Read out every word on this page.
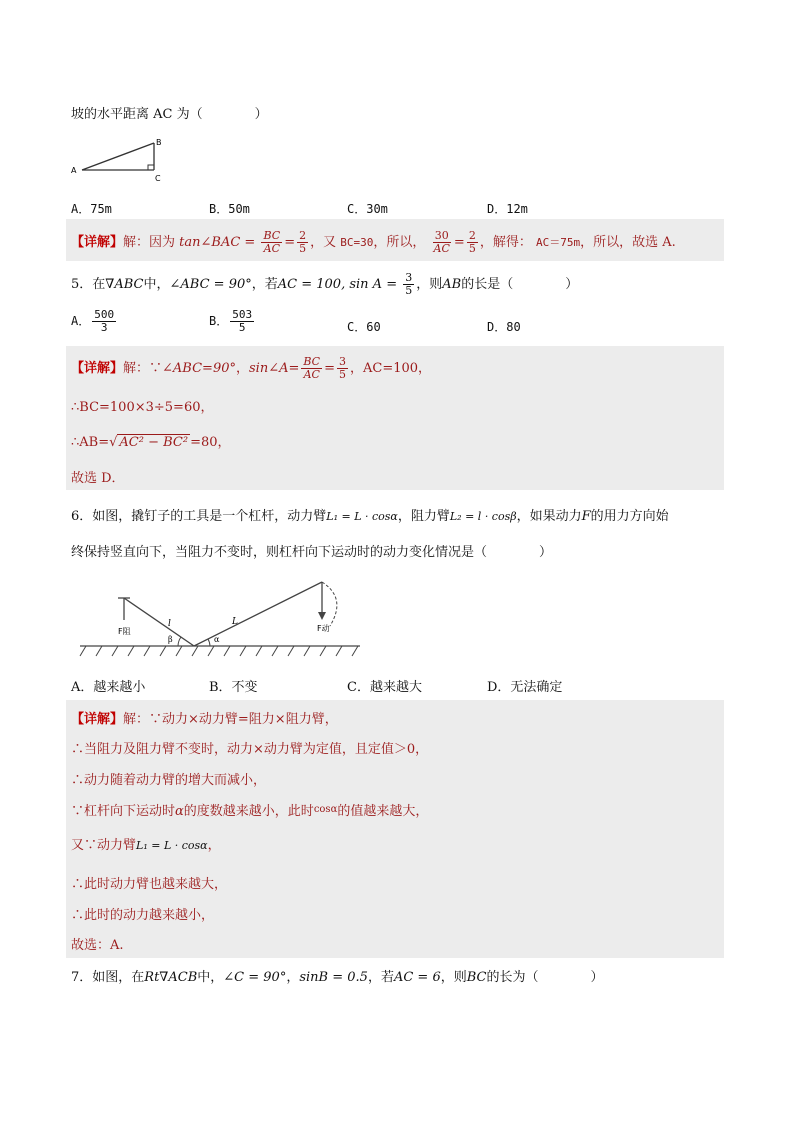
坡的水平距离 AC 为（　　　　）
A
B
C
A．75m	B．50m	C．30m	D．12m
【详解】解：因为 tan∠BAC = $\frac{BC}{AC} = \frac{2}{5}$ ，又 BC=30，所以， $\frac{30}{AC} = \frac{2}{5}$ ，解得： AC＝75m，所以，故选 A.
5．在∇ABC中，∠ABC = 90°，若AC = 100, $\sin A = \frac{3}{5}$ ，则AB的长是（　　　　）
A． $\frac{500}{3}$	B． $\frac{503}{5}$	C．60	D．80
【详解】解：∵∠ABC=90°，sin∠A= $\frac{BC}{AC} = \frac{3}{5}$ ，AC=100，
∴BC=100×3÷5=60，
∴AB=√ AC² − BC² =80，
故选 D．
6．如图，撬钉子的工具是一个杠杆，动力臂L₁ = L · cosα，阻力臂L₂ = l · cosβ，如果动力F的用力方向始
终保持竖直向下，当阻力不变时，则杠杆向下运动时的动力变化情况是（　　　　）
F阻
l
β
L
α
F动
A．越来越小	B．不变	C．越来越大	D．无法确定
【详解】解：∵动力×动力臂=阻力×阻力臂，
∴当阻力及阻力臂不变时，动力×动力臂为定值，且定值＞0，
∴动力随着动力臂的增大而减小，
∵杠杆向下运动时α的度数越来越小，此时$^{cos\alpha}$的值越来越大，
又∵动力臂L₁ = L · cosα，
∴此时动力臂也越来越大，
∴此时的动力越来越小，
故选：A.
7．如图，在Rt∇ACB中，∠C = 90°，sinB = 0.5，若AC = 6，则BC的长为（　　　　）
